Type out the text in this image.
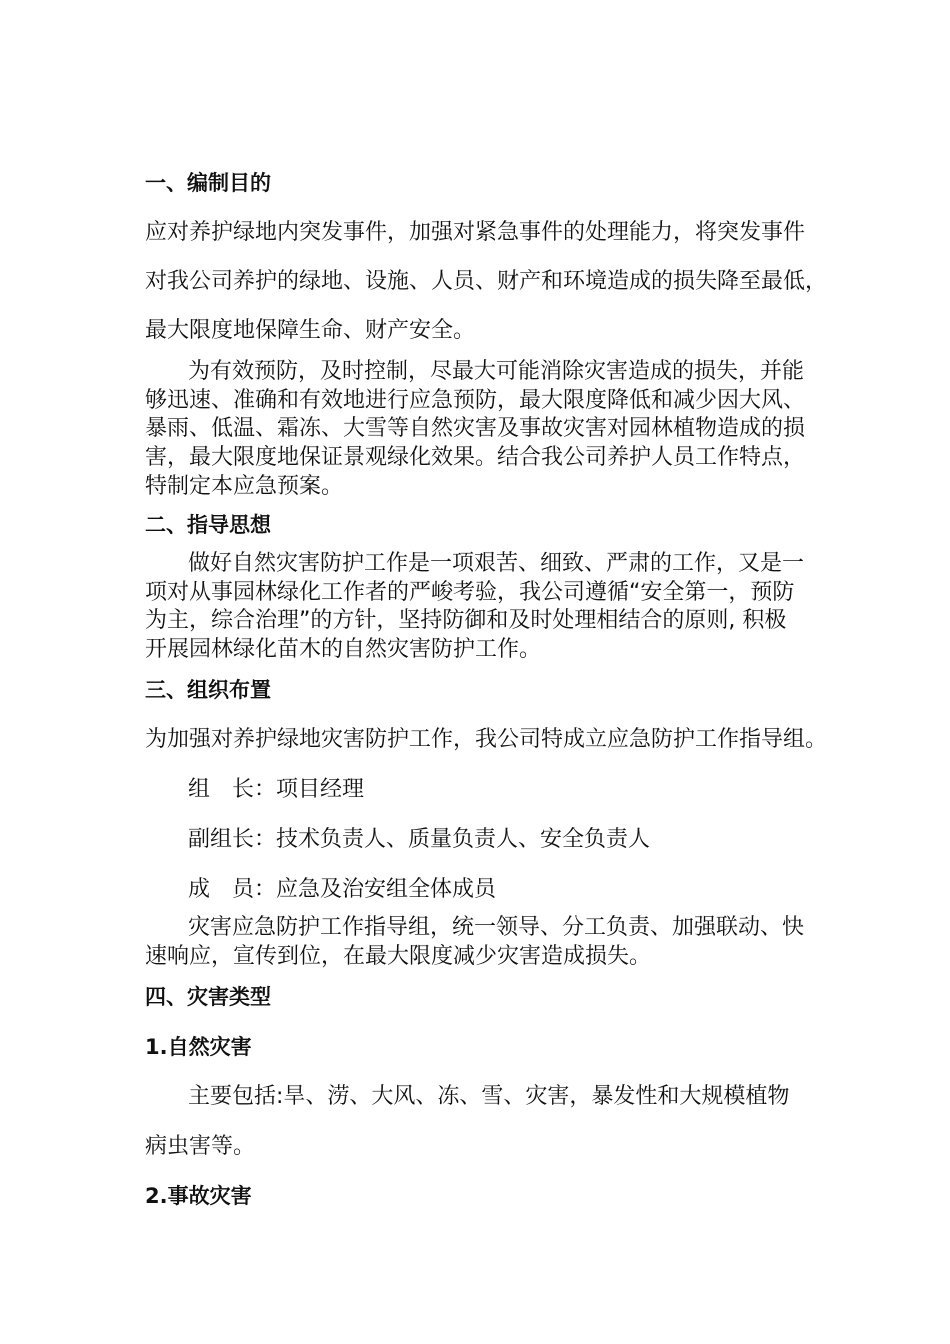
一、编制目的

应对养护绿地内突发事件，加强对紧急事件的处理能力，将突发事件

对我公司养护的绿地、设施、人员、财产和环境造成的损失降至最低，

最大限度地保障生命、财产安全。

为有效预防，及时控制，尽最大可能消除灾害造成的损失，并能

够迅速、准确和有效地进行应急预防，最大限度降低和减少因大风、

暴雨、低温、霜冻、大雪等自然灾害及事故灾害对园林植物造成的损

害，最大限度地保证景观绿化效果。结合我公司养护人员工作特点，

特制定本应急预案。

二、指导思想

做好自然灾害防护工作是一项艰苦、细致、严肃的工作，又是一

项对从事园林绿化工作者的严峻考验，我公司遵循“安全第一，预防

为主，综合治理”的方针，坚持防御和及时处理相结合的原则, 积极

开展园林绿化苗木的自然灾害防护工作。

三、组织布置

为加强对养护绿地灾害防护工作，我公司特成立应急防护工作指导组。

组　长：项目经理

副组长：技术负责人、质量负责人、安全负责人

成　员：应急及治安组全体成员

灾害应急防护工作指导组，统一领导、分工负责、加强联动、快

速响应，宣传到位，在最大限度减少灾害造成损失。

四、灾害类型

1.自然灾害

主要包括:旱、涝、大风、冻、雪、灾害，暴发性和大规模植物

病虫害等。

2.事故灾害
